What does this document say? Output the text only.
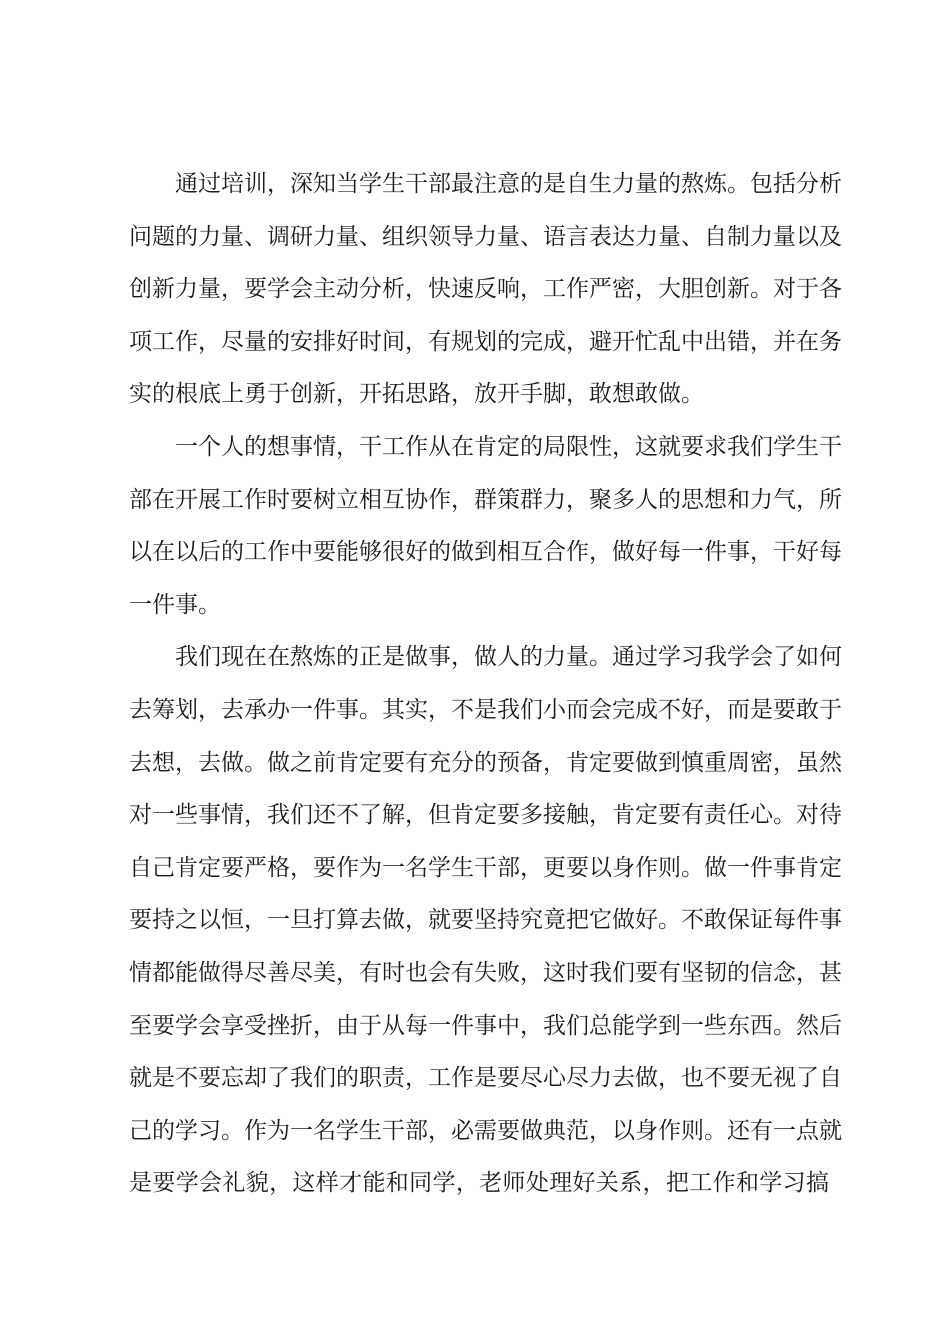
通过培训，深知当学生干部最注意的是自生力量的熬炼。包括分析
问题的力量、调研力量、组织领导力量、语言表达力量、自制力量以及
创新力量，要学会主动分析，快速反响，工作严密，大胆创新。对于各
项工作，尽量的安排好时间，有规划的完成，避开忙乱中出错，并在务
实的根底上勇于创新，开拓思路，放开手脚，敢想敢做。
一个人的想事情，干工作从在肯定的局限性，这就要求我们学生干
部在开展工作时要树立相互协作，群策群力，聚多人的思想和力气，所
以在以后的工作中要能够很好的做到相互合作，做好每一件事，干好每
一件事。
我们现在在熬炼的正是做事，做人的力量。通过学习我学会了如何
去筹划，去承办一件事。其实，不是我们小而会完成不好，而是要敢于
去想，去做。做之前肯定要有充分的预备，肯定要做到慎重周密，虽然
对一些事情，我们还不了解，但肯定要多接触，肯定要有责任心。对待
自己肯定要严格，要作为一名学生干部，更要以身作则。做一件事肯定
要持之以恒，一旦打算去做，就要坚持究竟把它做好。不敢保证每件事
情都能做得尽善尽美，有时也会有失败，这时我们要有坚韧的信念，甚
至要学会享受挫折，由于从每一件事中，我们总能学到一些东西。然后
就是不要忘却了我们的职责，工作是要尽心尽力去做，也不要无视了自
己的学习。作为一名学生干部，必需要做典范，以身作则。还有一点就
是要学会礼貌，这样才能和同学，老师处理好关系，把工作和学习搞
